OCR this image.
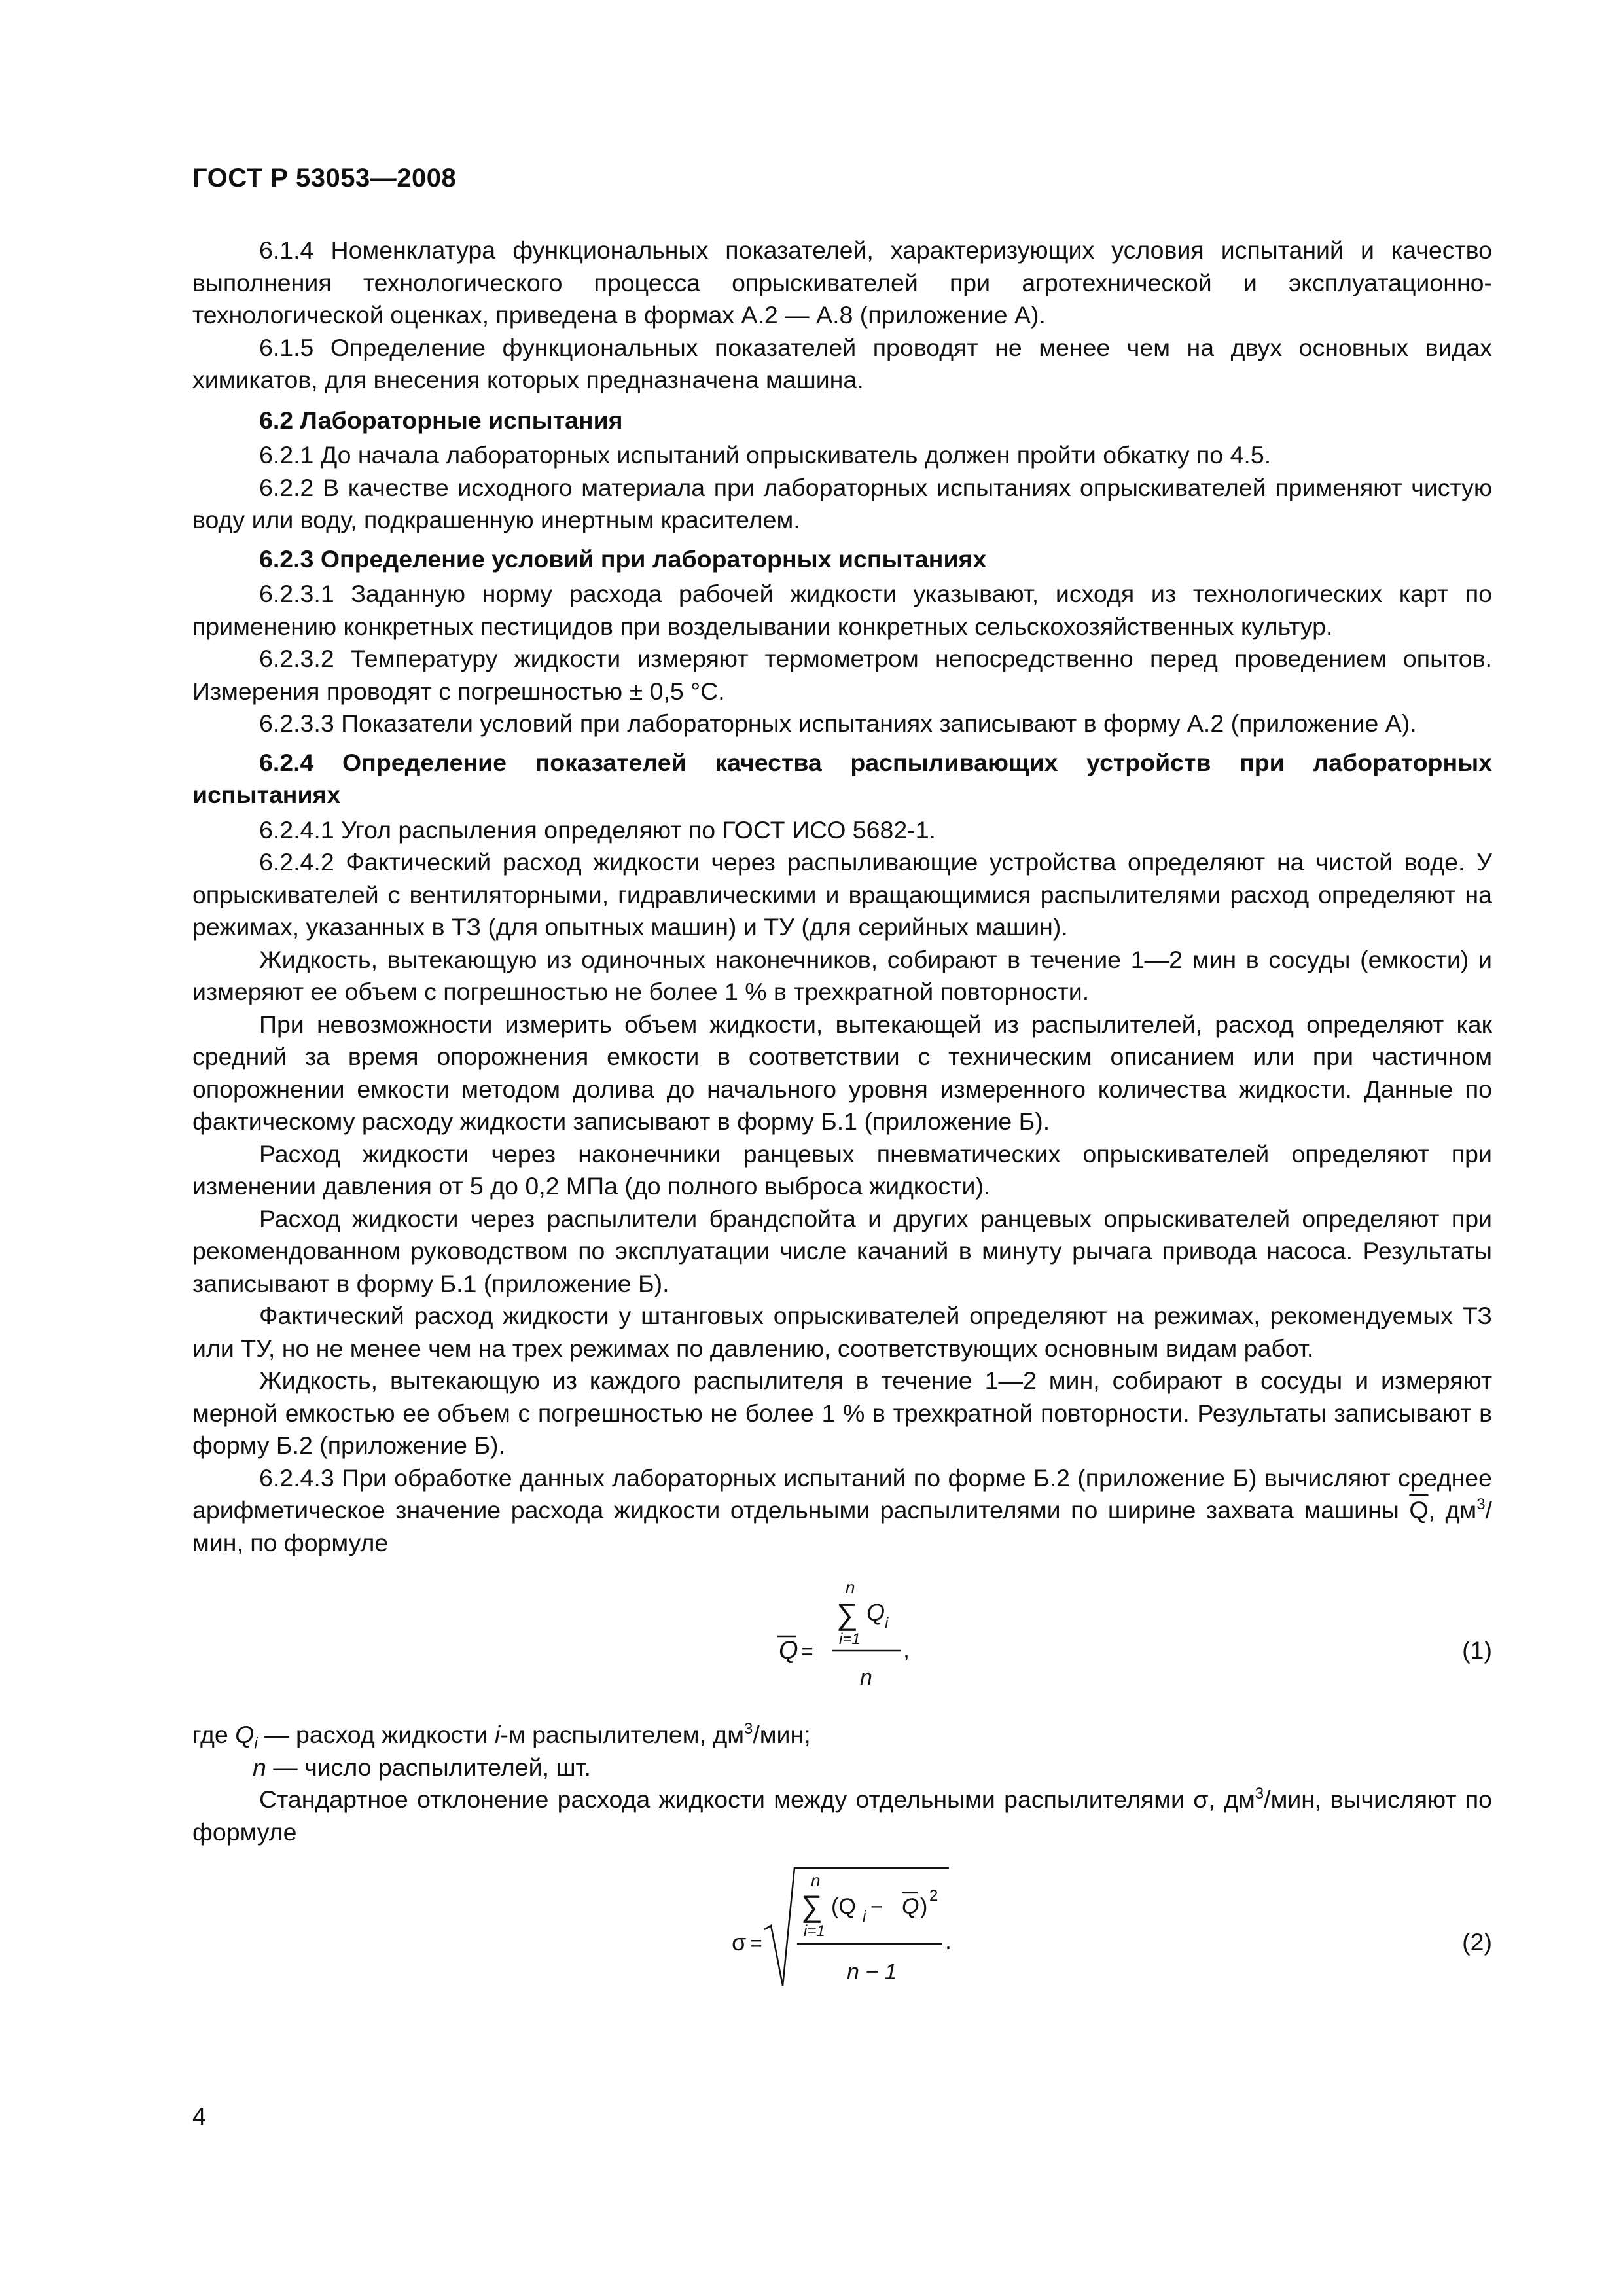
ГОСТ Р 53053—2008

6.1.4 Номенклатура функциональных показателей, характеризующих условия испытаний и качество выполнения технологического процесса опрыскивателей при агротехнической и эксплуатационно-технологической оценках, приведена в формах А.2 — А.8 (приложение А).

6.1.5 Определение функциональных показателей проводят не менее чем на двух основных видах химикатов, для внесения которых предназначена машина.

6.2 Лабораторные испытания

6.2.1 До начала лабораторных испытаний опрыскиватель должен пройти обкатку по 4.5.

6.2.2 В качестве исходного материала при лабораторных испытаниях опрыскивателей применяют чистую воду или воду, подкрашенную инертным красителем.

6.2.3 Определение условий при лабораторных испытаниях

6.2.3.1 Заданную норму расхода рабочей жидкости указывают, исходя из технологических карт по применению конкретных пестицидов при возделывании конкретных сельскохозяйственных культур.

6.2.3.2 Температуру жидкости измеряют термометром непосредственно перед проведением опытов. Измерения проводят с погрешностью ± 0,5 °С.

6.2.3.3 Показатели условий при лабораторных испытаниях записывают в форму А.2 (приложение А).

6.2.4 Определение показателей качества распыливающих устройств при лабораторных испытаниях

6.2.4.1 Угол распыления определяют по ГОСТ ИСО 5682-1.

6.2.4.2 Фактический расход жидкости через распыливающие устройства определяют на чистой воде. У опрыскивателей с вентиляторными, гидравлическими и вращающимися распылителями расход определяют на режимах, указанных в ТЗ (для опытных машин) и ТУ (для серийных машин).

Жидкость, вытекающую из одиночных наконечников, собирают в течение 1—2 мин в сосуды (емкости) и измеряют ее объем с погрешностью не более 1 % в трехкратной повторности.

При невозможности измерить объем жидкости, вытекающей из распылителей, расход определяют как средний за время опорожнения емкости в соответствии с техническим описанием или при частичном опорожнении емкости методом долива до начального уровня измеренного количества жидкости. Данные по фактическому расходу жидкости записывают в форму Б.1 (приложение Б).

Расход жидкости через наконечники ранцевых пневматических опрыскивателей определяют при изменении давления от 5 до 0,2 МПа (до полного выброса жидкости).

Расход жидкости через распылители брандспойта и других ранцевых опрыскивателей определяют при рекомендованном руководством по эксплуатации числе качаний в минуту рычага привода насоса. Результаты записывают в форму Б.1 (приложение Б).

Фактический расход жидкости у штанговых опрыскивателей определяют на режимах, рекомендуемых ТЗ или ТУ, но не менее чем на трех режимах по давлению, соответствующих основным видам работ.

Жидкость, вытекающую из каждого распылителя в течение 1—2 мин, собирают в сосуды и измеряют мерной емкостью ее объем с погрешностью не более 1 % в трехкратной повторности. Результаты записывают в форму Б.2 (приложение Б).

6.2.4.3 При обработке данных лабораторных испытаний по форме Б.2 (приложение Б) вычисляют среднее арифметическое значение расхода жидкости отдельными распылителями по ширине захвата машины $\overline{Q}$, $дм^3$/мин, по формуле

Q =
n
∑
i=1
Q i
,
n
(1)

где $Q_i$ — расход жидкости i-м распылителем, $дм^3$/мин;

n — число распылителей, шт.

Стандартное отклонение расхода жидкости между отдельными распылителями σ, $дм^3$/мин, вычисляют по формуле

σ =
n
∑
i=1
(Q i − Q ) 2
.
n − 1
(2)
4
